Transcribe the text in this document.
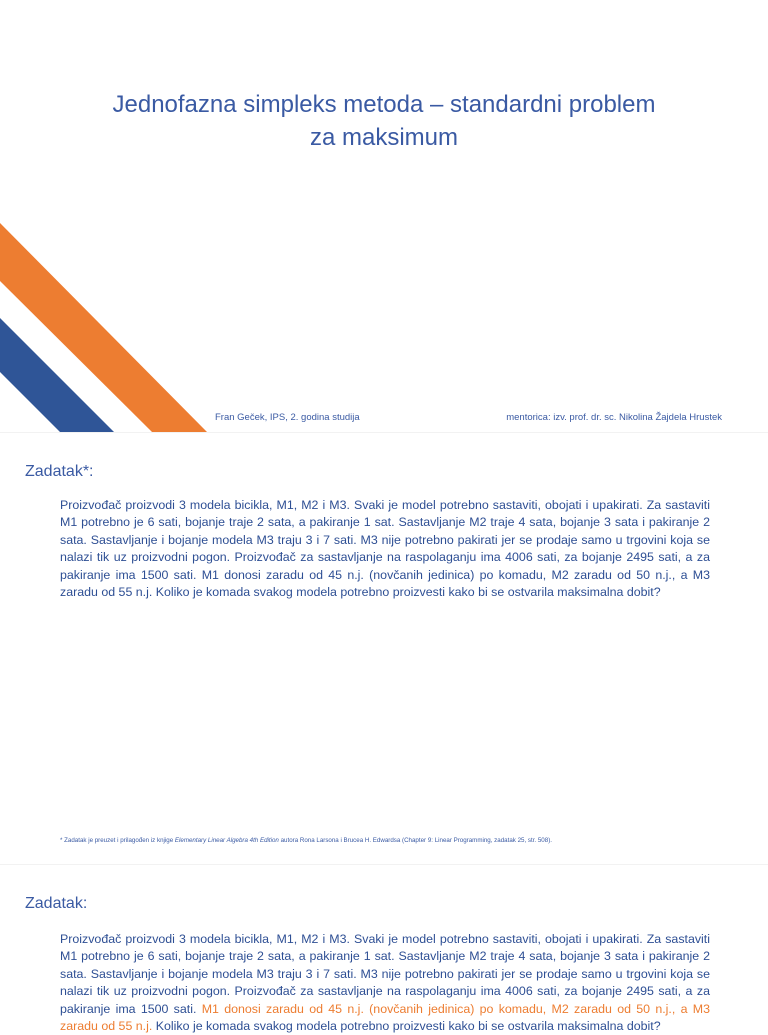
Jednofazna simpleks metoda – standardni problem
za maksimum
Fran Geček, IPS, 2. godina studija	mentorica: izv. prof. dr. sc. Nikolina Žajdela Hrustek
Zadatak*:
Proizvođač proizvodi 3 modela bicikla, M1, M2 i M3. Svaki je model potrebno sastaviti, obojati i upakirati. Za sastaviti M1 potrebno je 6 sati, bojanje traje 2 sata, a pakiranje 1 sat. Sastavljanje M2 traje 4 sata, bojanje 3 sata i pakiranje 2 sata. Sastavljanje i bojanje modela M3 traju 3 i 7 sati. M3 nije potrebno pakirati jer se prodaje samo u trgovini koja se nalazi tik uz proizvodni pogon. Proizvođač za sastavljanje na raspolaganju ima 4006 sati, za bojanje 2495 sati, a za pakiranje ima 1500 sati. M1 donosi zaradu od 45 n.j. (novčanih jedinica) po komadu, M2 zaradu od 50 n.j., a M3 zaradu od 55 n.j. Koliko je komada svakog modela potrebno proizvesti kako bi se ostvarila maksimalna dobit?
* Zadatak je preuzet i prilagođen iz knjige Elementary Linear Algebra 4th Edition autora Rona Larsona i Brucea H. Edwardsa (Chapter 9: Linear Programming, zadatak 25, str. 508).
Zadatak:
Proizvođač proizvodi 3 modela bicikla, M1, M2 i M3. Svaki je model potrebno sastaviti, obojati i upakirati. Za sastaviti M1 potrebno je 6 sati, bojanje traje 2 sata, a pakiranje 1 sat. Sastavljanje M2 traje 4 sata, bojanje 3 sata i pakiranje 2 sata. Sastavljanje i bojanje modela M3 traju 3 i 7 sati. M3 nije potrebno pakirati jer se prodaje samo u trgovini koja se nalazi tik uz proizvodni pogon. Proizvođač za sastavljanje na raspolaganju ima 4006 sati, za bojanje 2495 sati, a za pakiranje ima 1500 sati. M1 donosi zaradu od 45 n.j. (novčanih jedinica) po komadu, M2 zaradu od 50 n.j., a M3 zaradu od 55 n.j. Koliko je komada svakog modela potrebno proizvesti kako bi se ostvarila maksimalna dobit?
